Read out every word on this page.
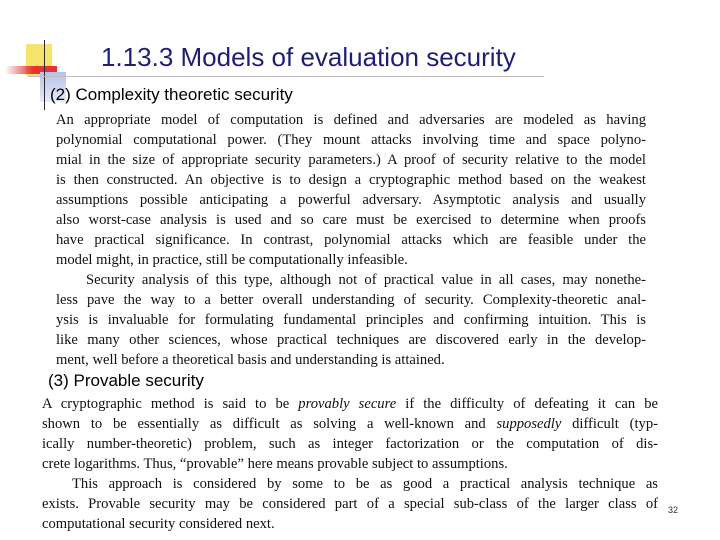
1.13.3 Models of evaluation security
(2) Complexity theoretic security
An appropriate model of computation is defined and adversaries are modeled as having
polynomial computational power. (They mount attacks involving time and space polyno-
mial in the size of appropriate security parameters.) A proof of security relative to the model
is then constructed. An objective is to design a cryptographic method based on the weakest
assumptions possible anticipating a powerful adversary. Asymptotic analysis and usually
also worst-case analysis is used and so care must be exercised to determine when proofs
have practical significance. In contrast, polynomial attacks which are feasible under the
model might, in practice, still be computationally infeasible.
Security analysis of this type, although not of practical value in all cases, may nonethe-
less pave the way to a better overall understanding of security. Complexity-theoretic anal-
ysis is invaluable for formulating fundamental principles and confirming intuition. This is
like many other sciences, whose practical techniques are discovered early in the develop-
ment, well before a theoretical basis and understanding is attained.
(3) Provable security
A cryptographic method is said to be provably secure if the difficulty of defeating it can be
shown to be essentially as difficult as solving a well-known and supposedly difficult (typ-
ically number-theoretic) problem, such as integer factorization or the computation of dis-
crete logarithms. Thus, “provable” here means provable subject to assumptions.
This approach is considered by some to be as good a practical analysis technique as
exists. Provable security may be considered part of a special sub-class of the larger class of
computational security considered next.
32
